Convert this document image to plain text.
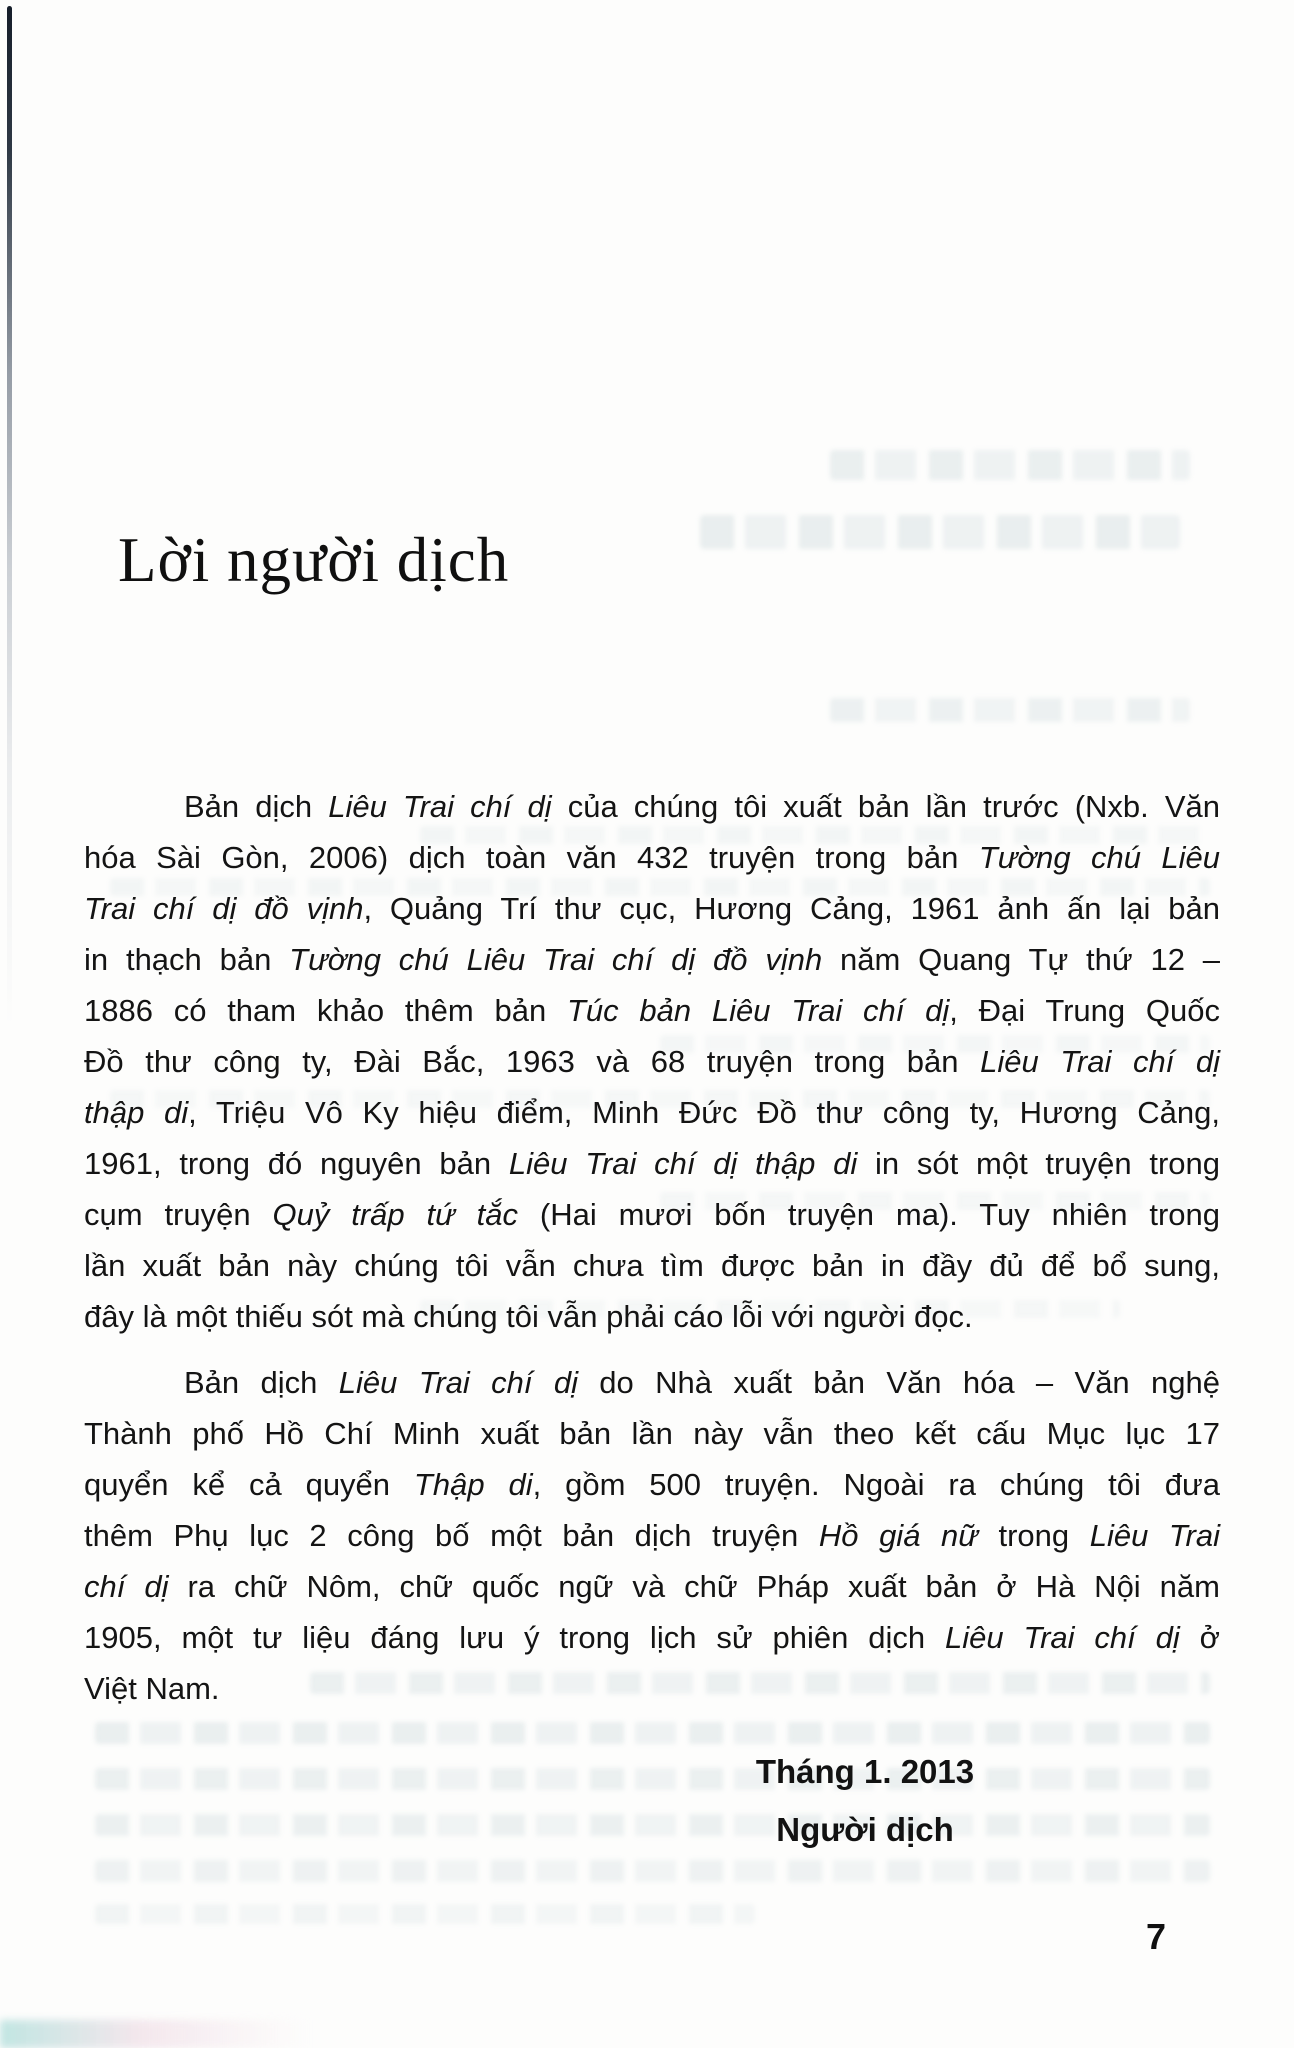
Lời người dịch
Bản dịch Liêu Trai chí dị của chúng tôi xuất bản lần trước (Nxb. Văn
hóa Sài Gòn, 2006) dịch toàn văn 432 truyện trong bản Tường chú Liêu
Trai chí dị đồ vịnh, Quảng Trí thư cục, Hương Cảng, 1961 ảnh ấn lại bản
in thạch bản Tường chú Liêu Trai chí dị đồ vịnh năm Quang Tự thứ 12 –
1886 có tham khảo thêm bản Túc bản Liêu Trai chí dị, Đại Trung Quốc
Đồ thư công ty, Đài Bắc, 1963 và 68 truyện trong bản Liêu Trai chí dị
thập di, Triệu Vô Ky hiệu điểm, Minh Đức Đồ thư công ty, Hương Cảng,
1961, trong đó nguyên bản Liêu Trai chí dị thập di in sót một truyện trong
cụm truyện Quỷ trấp tứ tắc (Hai mươi bốn truyện ma). Tuy nhiên trong
lần xuất bản này chúng tôi vẫn chưa tìm được bản in đầy đủ để bổ sung,
đây là một thiếu sót mà chúng tôi vẫn phải cáo lỗi với người đọc.
Bản dịch Liêu Trai chí dị do Nhà xuất bản Văn hóa – Văn nghệ
Thành phố Hồ Chí Minh xuất bản lần này vẫn theo kết cấu Mục lục 17
quyển kể cả quyển Thập di, gồm 500 truyện. Ngoài ra chúng tôi đưa
thêm Phụ lục 2 công bố một bản dịch truyện Hồ giá nữ trong Liêu Trai
chí dị ra chữ Nôm, chữ quốc ngữ và chữ Pháp xuất bản ở Hà Nội năm
1905, một tư liệu đáng lưu ý trong lịch sử phiên dịch Liêu Trai chí dị ở
Việt Nam.
Tháng 1. 2013
Người dịch
7
